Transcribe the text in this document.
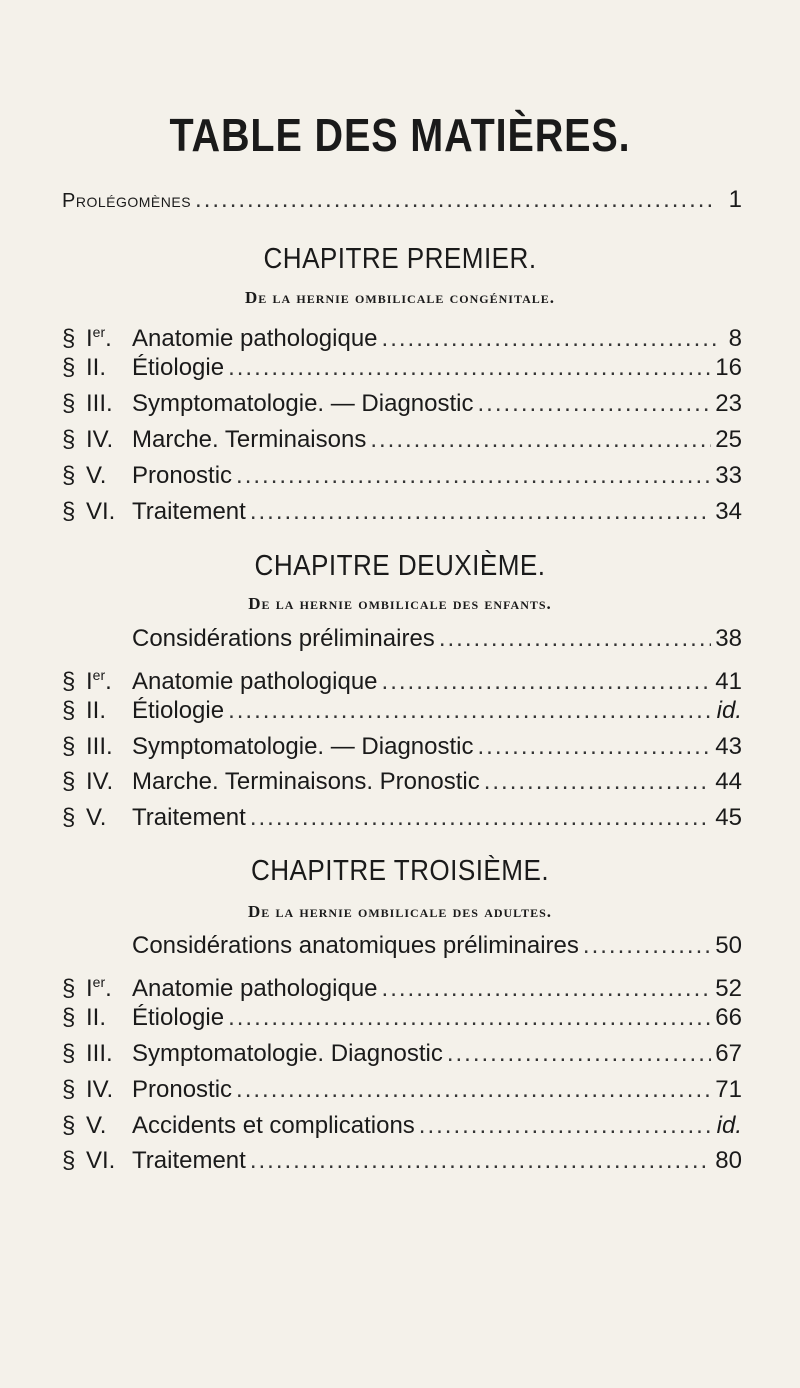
TABLE DES MATIÈRES.
Prolégomènes .....	1
CHAPITRE PREMIER.
De la hernie ombilicale congénitale.
§ Ier. Anatomie pathologique .....	8
§ II.	Étiologie .....	16
§ III. Symptomatologie. — Diagnostic .....	23
§ IV. Marche. Terminaisons .....	25
§ V.	Pronostic .....	33
§ VI. Traitement .....	34
CHAPITRE DEUXIÈME.
De la hernie ombilicale des enfants.
Considérations préliminaires .....	38
§ Ier. Anatomie pathologique .....	41
§ II.	Étiologie .....	id.
§ III. Symptomatologie. — Diagnostic .....	43
§ IV. Marche. Terminaisons. Pronostic .....	44
§ V.	Traitement .....	45
CHAPITRE TROISIÈME.
De la hernie ombilicale des adultes.
Considérations anatomiques préliminaires .....	50
§ Ier. Anatomie pathologique .....	52
§ II.	Étiologie .....	66
§ III. Symptomatologie. Diagnostic .....	67
§ IV. Pronostic .....	71
§ V.	Accidents et complications .....	id.
§ VI. Traitement .....	80
